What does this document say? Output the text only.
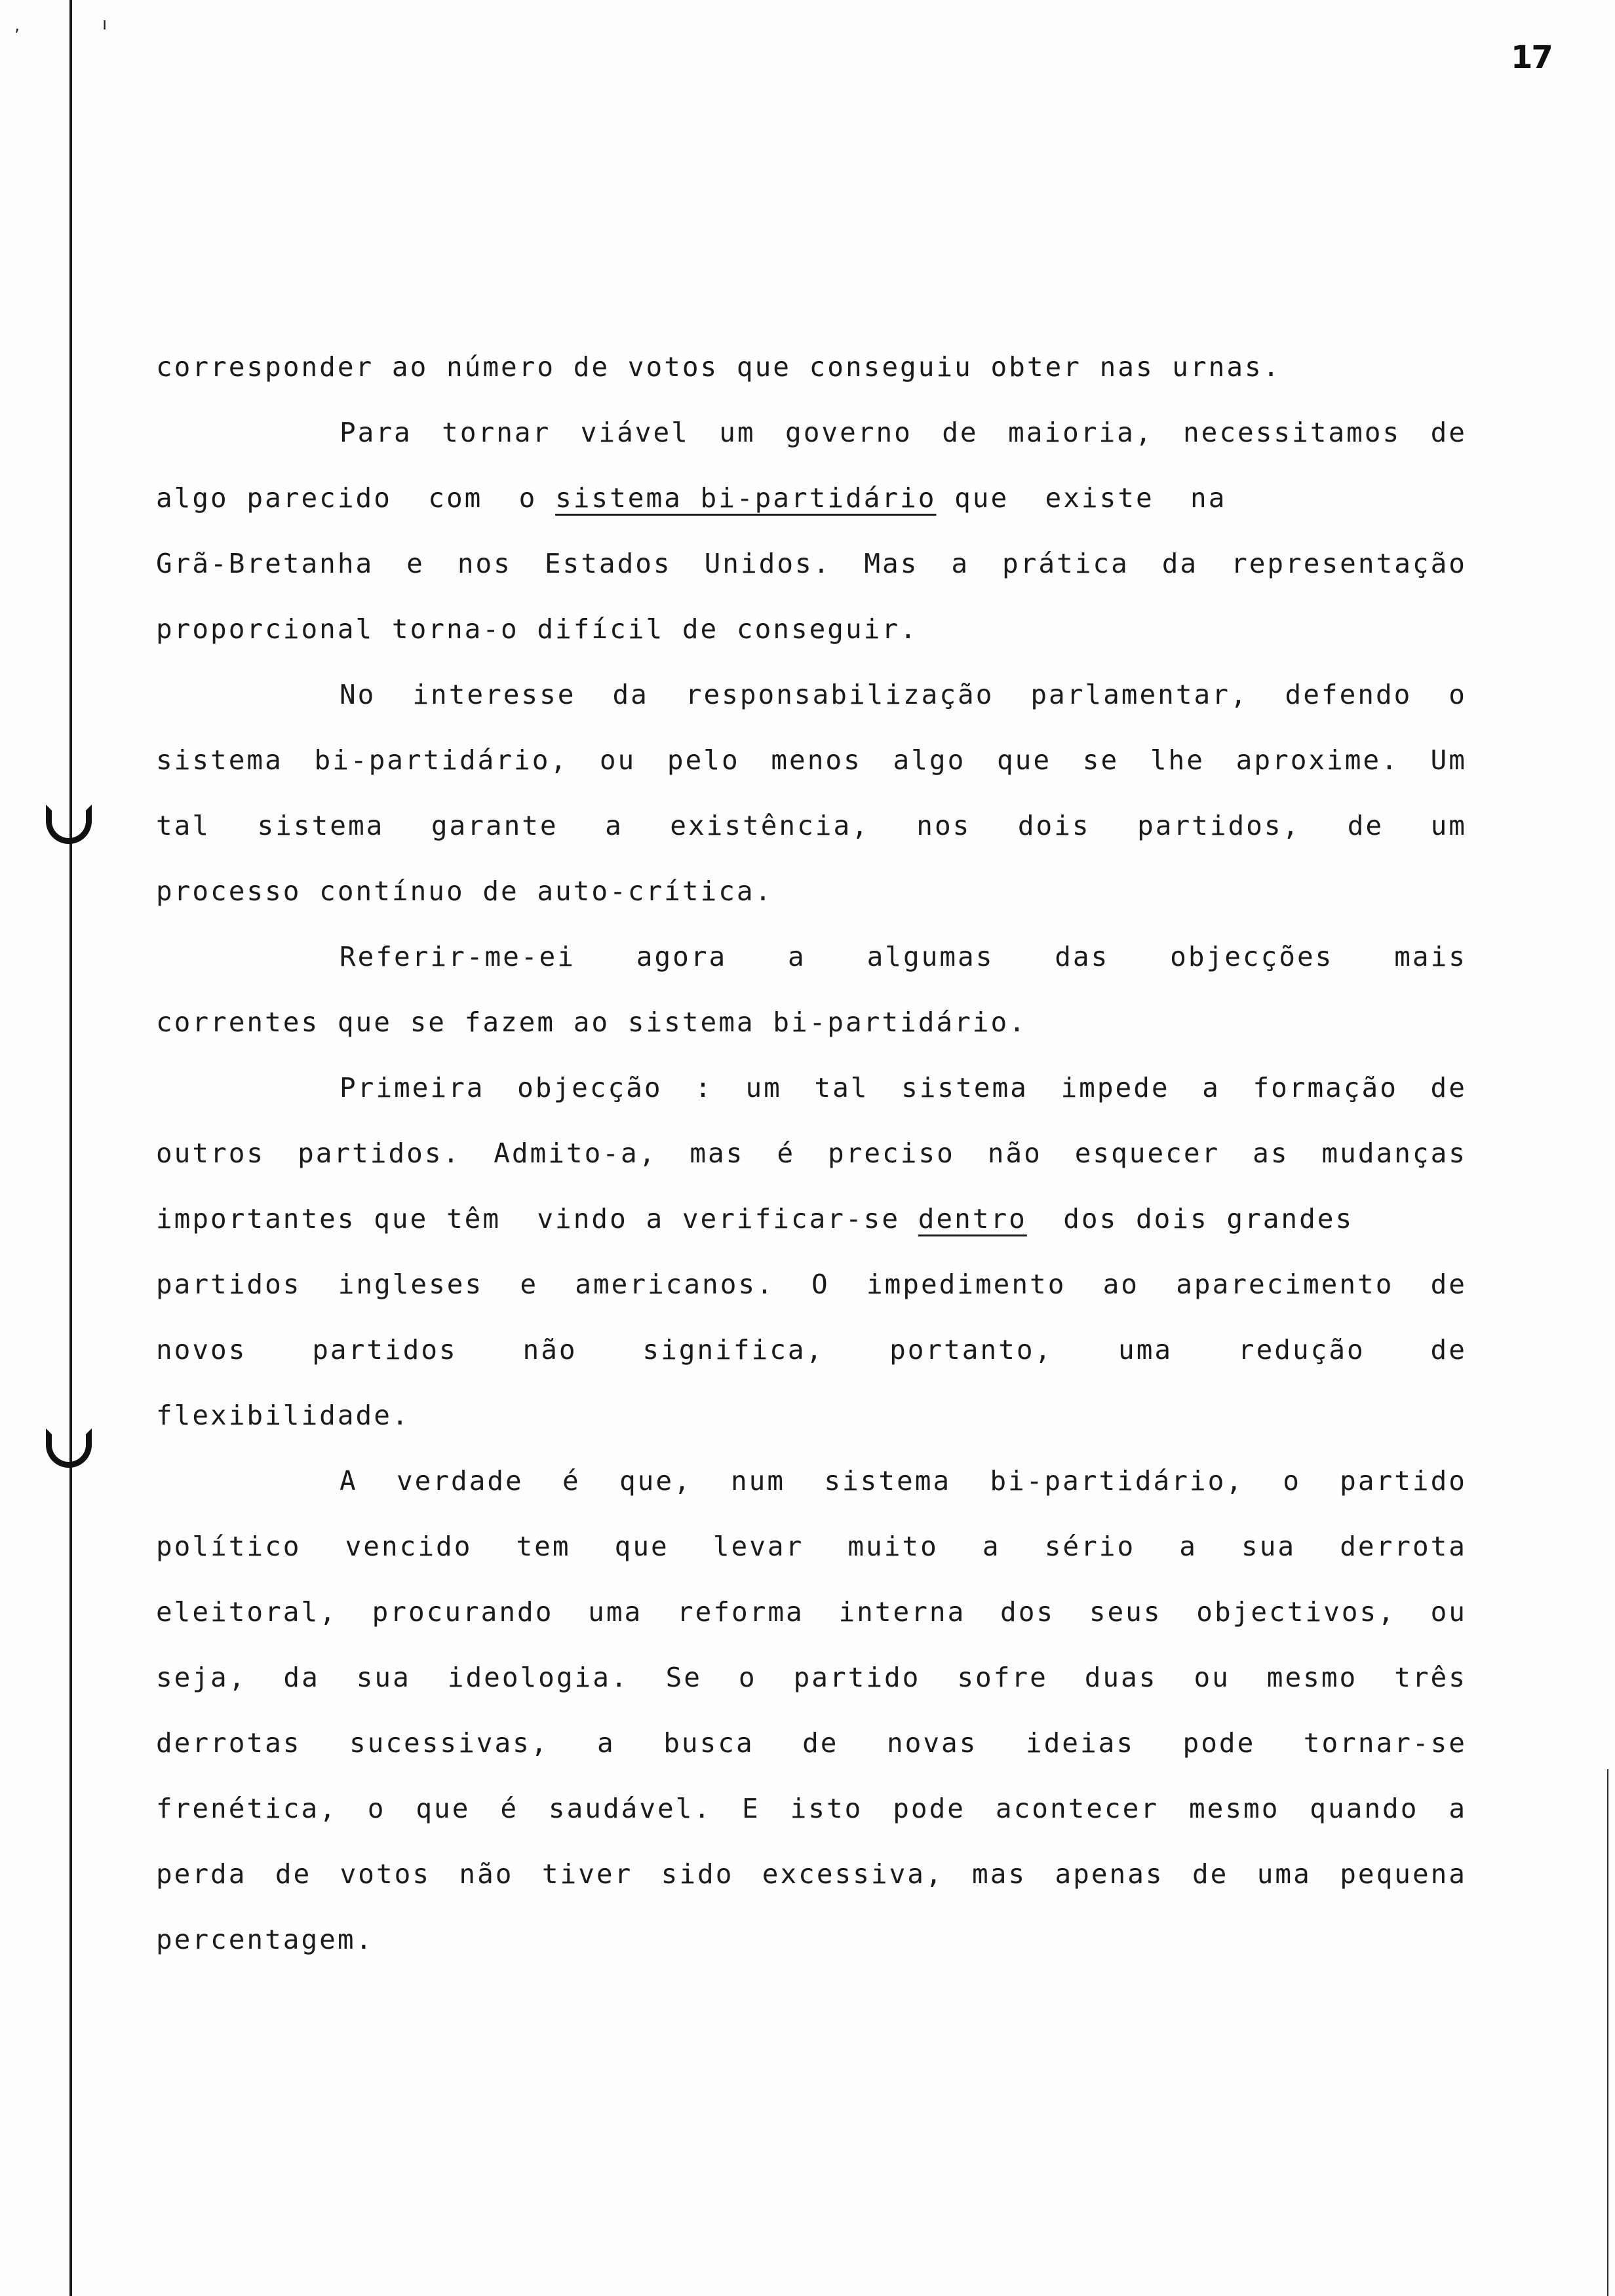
,	ı
17
corresponder ao número de votos que conseguiu obter nas urnas.
Para tornar viável um governo de maioria, necessitamos de
algo parecido  com  o sistema bi-partidário que  existe  na
Grã-Bretanha e nos Estados Unidos. Mas a prática da representação
proporcional torna-o difícil de conseguir.
No interesse da responsabilização parlamentar, defendo o
sistema bi-partidário, ou pelo menos algo que se lhe aproxime. Um
tal sistema garante a existência, nos dois partidos, de um
processo contínuo de auto-crítica.
Referir-me-ei agora a algumas das objecções mais
correntes que se fazem ao sistema bi-partidário.
Primeira objecção : um tal sistema impede a formação de
outros partidos. Admito-a, mas é preciso não esquecer as mudanças
importantes que têm  vindo a verificar-se dentro dos dois grandes
partidos ingleses e americanos. O impedimento ao aparecimento de
novos partidos não significa, portanto, uma redução de
flexibilidade.
A verdade é que, num sistema bi-partidário, o partido
político vencido tem que levar muito a sério a sua derrota
eleitoral, procurando uma reforma interna dos seus objectivos, ou
seja, da sua ideologia. Se o partido sofre duas ou mesmo três
derrotas sucessivas, a busca de novas ideias pode tornar-se
frenética, o que é saudável. E isto pode acontecer mesmo quando a
perda de votos não tiver sido excessiva, mas apenas de uma pequena
percentagem.
